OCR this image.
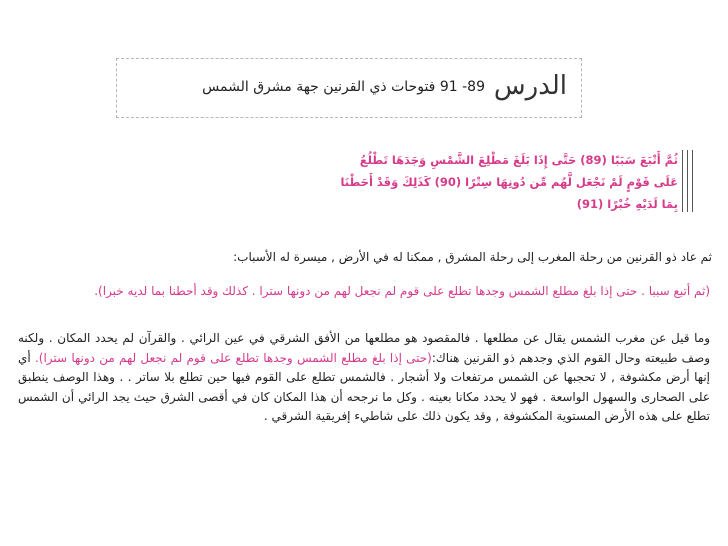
الدرس
89- 91 فتوحات ذي القرنين جهة مشرق الشمس
ثُمَّ أَتْبَعَ سَبَبًا (89) حَتَّى إِذَا بَلَغَ مَطْلِعَ الشَّمْسِ وَجَدَهَا تَطْلُعُ
عَلَى قَوْمٍ لَمْ نَجْعَل لَّهُم مِّن دُونِهَا سِتْرًا (90) كَذَلِكَ وَقَدْ أَحَطْنَا
بِمَا لَدَيْهِ خُبْرًا (91)
ثم عاد ذو القرنين من رحلة المغرب إلى رحلة المشرق , ممكنا له في الأرض , ميسرة له الأسباب:
(ثم أتبع سببا . حتى إذا بلغ مطلع الشمس وجدها تطلع على قوم لم نجعل لهم من دونها سترا . كذلك وقد أحطنا بما لديه خبرا).
وما قيل عن مغرب الشمس يقال عن مطلعها . فالمقصود هو مطلعها من الأفق الشرقي في عين الرائي . والقرآن لم يحدد المكان . ولكنه وصف طبيعته وحال القوم الذي وجدهم ذو القرنين هناك:(حتى إذا بلغ مطلع الشمس وجدها تطلع على قوم لم نجعل لهم من دونها سترا). أي إنها أرض مكشوفة , لا تحجبها عن الشمس مرتفعات ولا أشجار . فالشمس تطلع على القوم فيها حين تطلع بلا ساتر . . وهذا الوصف ينطبق على الصحارى والسهول الواسعة . فهو لا يحدد مكانا بعينه . وكل ما نرجحه أن هذا المكان كان في أقصى الشرق حيث يجد الرائي أن الشمس تطلع على هذه الأرض المستوية المكشوفة , وقد يكون ذلك على شاطيء إفريقية الشرقي .
